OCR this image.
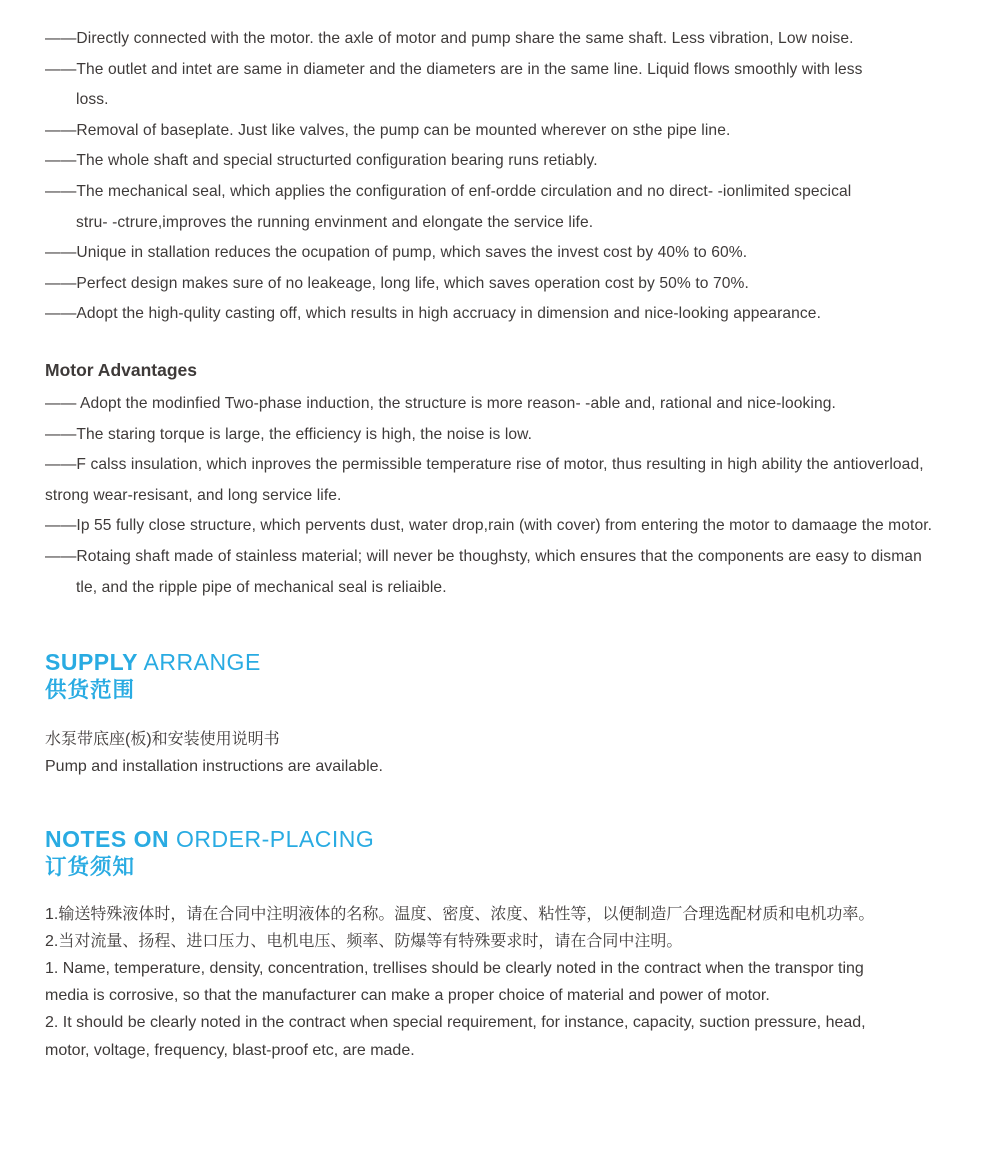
——Directly connected with the motor. the axle of motor and pump share the same shaft. Less vibration, Low noise.
——The outlet and intet are same in diameter and the diameters are in the same line. Liquid flows smoothly with less
loss.
——Removal of baseplate. Just like valves, the pump can be mounted wherever on sthe pipe line.
——The whole shaft and special structurted configuration bearing runs retiably.
——The mechanical seal, which applies the configuration of enf-ordde circulation and no direct- -ionlimited specical
stru- -ctrure,improves the running envinment and elongate the service life.
——Unique in stallation reduces the ocupation of pump, which saves the invest cost by 40% to 60%.
——Perfect design makes sure of no leakeage, long life, which saves operation cost by 50% to 70%.
——Adopt the high-qulity casting off, which results in high accruacy in dimension and nice-looking appearance.
Motor Advantages
—— Adopt the modinfied Two-phase induction, the structure is more reason- -able and, rational and nice-looking.
——The staring torque is large, the efficiency is high, the noise is low.
——F calss insulation, which inproves the permissible temperature rise of motor, thus resulting in high ability the antioverload,
strong wear-resisant, and long service life.
——Ip 55 fully close structure, which pervents dust, water drop,rain (with cover) from entering the motor to damaage the motor.
——Rotaing shaft made of stainless material; will never be thoughsty, which ensures that the components are easy to disman
tle, and the ripple pipe of mechanical seal is reliaible.
SUPPLY ARRANGE
供货范围
水泵带底座(板)和安装使用说明书
Pump and installation instructions are available.
NOTES ON ORDER-PLACING
订货须知
1.输送特殊液体时，请在合同中注明液体的名称。温度、密度、浓度、粘性等，以便制造厂合理选配材质和电机功率。
2.当对流量、扬程、进口压力、电机电压、频率、防爆等有特殊要求时，请在合同中注明。
1. Name, temperature, density, concentration, trellises should be clearly noted in the contract when the transpor ting
media is corrosive, so that the manufacturer can make a proper choice of material and power of motor.
2. It should be clearly noted in the contract when special requirement, for instance, capacity, suction pressure, head,
motor, voltage, frequency, blast-proof etc, are made.
